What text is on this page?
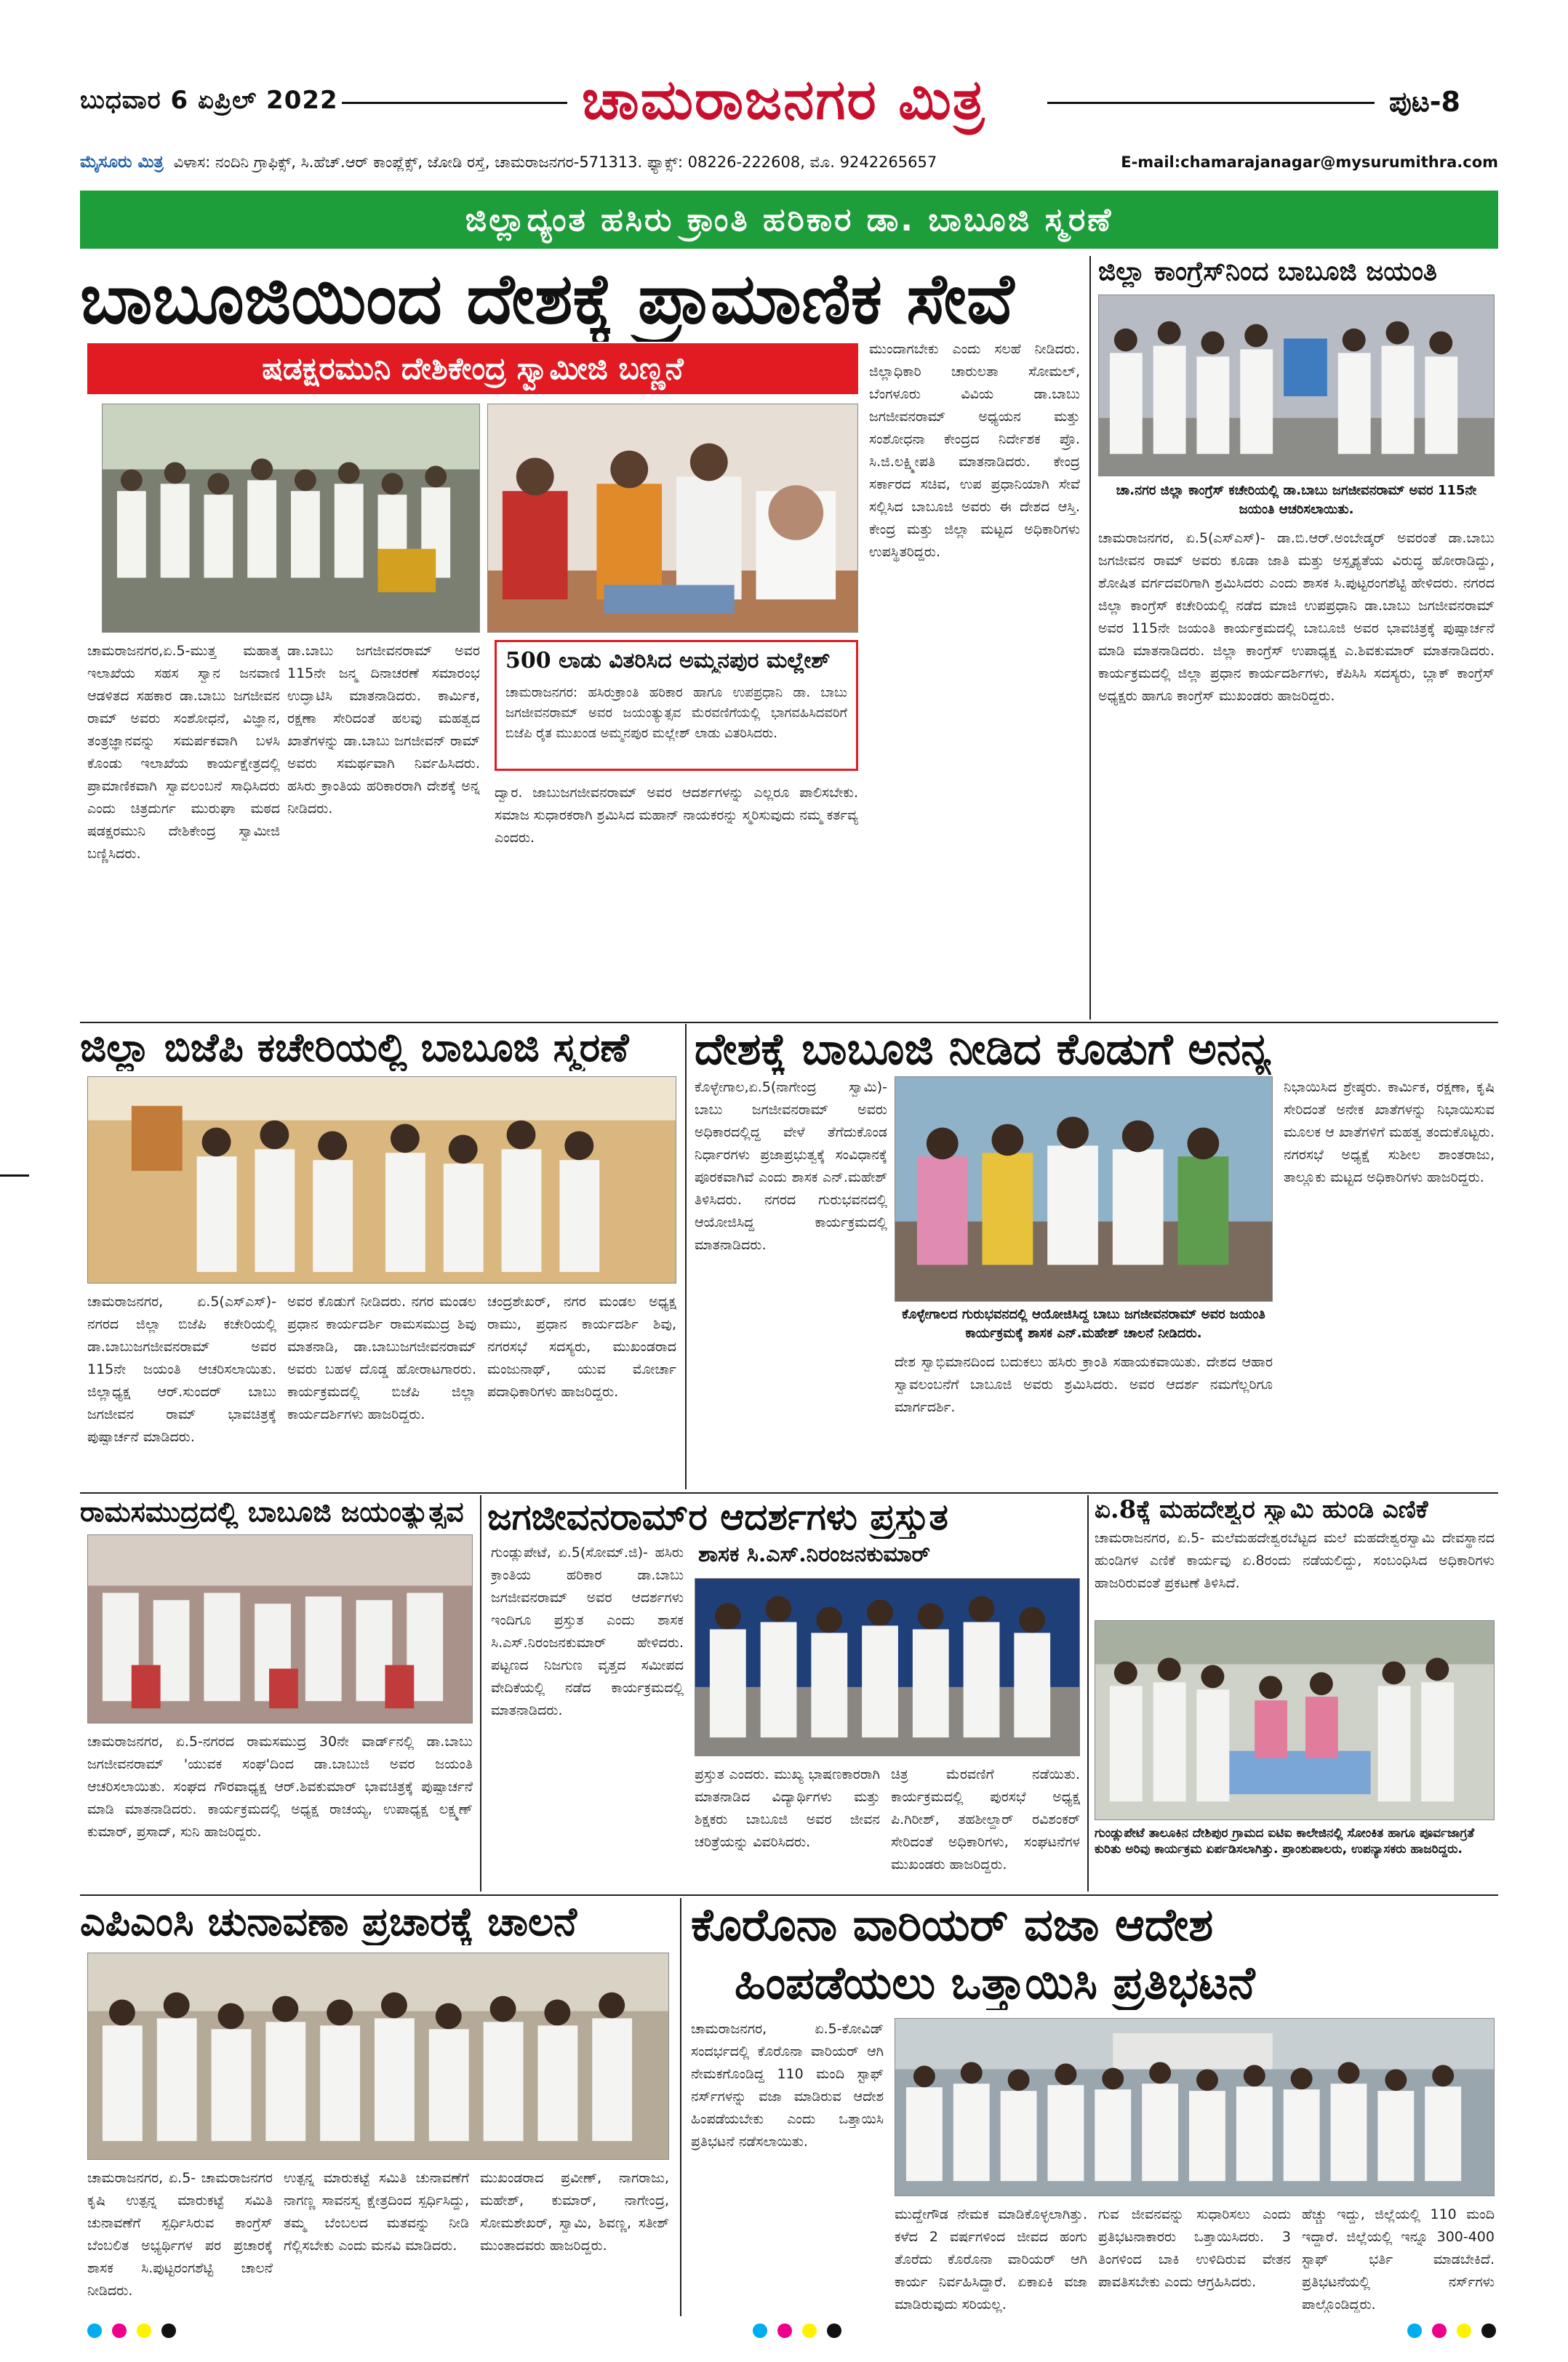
ಬುಧವಾರ 6 ಏಪ್ರಿಲ್ 2022	ಚಾಮರಾಜನಗರ ಮಿತ್ರ	ಪುಟ-8
ಮೈಸೂರು ಮಿತ್ರ ವಿಳಾಸ: ನಂದಿನಿ ಗ್ರಾಫಿಕ್ಸ್, ಸಿ.ಹೆಚ್.ಆರ್ ಕಾಂಪ್ಲೆಕ್ಸ್, ಜೋಡಿ ರಸ್ತೆ, ಚಾಮರಾಜನಗರ-571313. ಫ್ಯಾಕ್ಸ್: 08226-222608, ಮೊ. 9242265657	E-mail:chamarajanagar@mysurumithra.com
ಜಿಲ್ಲಾದ್ಯಂತ ಹಸಿರು ಕ್ರಾಂತಿ ಹರಿಕಾರ ಡಾ. ಬಾಬೂಜಿ ಸ್ಮರಣೆ
ಬಾಬೂಜಿಯಿಂದ ದೇಶಕ್ಕೆ ಪ್ರಾಮಾಣಿಕ ಸೇವೆ
ಷಡಕ್ಷರಮುನಿ ದೇಶಿಕೇಂದ್ರ ಸ್ವಾಮೀಜಿ ಬಣ್ಣನೆ
ಚಾಮರಾಜನಗರ,ಏ.5-ಮುತ್ತ ಮಹಾತ್ಮ ಇಲಾಖೆಯ ಸಹಸ ಸ್ವಾನ ಜನವಾಣಿ ಆಡಳಿತದ ಸಹಕಾರ ಡಾ.ಬಾಬು ಜಗಜೀವನ ರಾಮ್ ಅವರು ಸಂಶೋಧನೆ, ವಿಜ್ಞಾನ, ತಂತ್ರಜ್ಞಾನವನ್ನು ಸಮರ್ಪಕವಾಗಿ ಬಳಸಿ ಕೊಂಡು ಇಲಾಖೆಯ ಕಾರ್ಯಕ್ಷೇತ್ರದಲ್ಲಿ ಪ್ರಾಮಾಣಿಕವಾಗಿ ಸ್ವಾವಲಂಬನೆ ಸಾಧಿಸಿದರು ಎಂದು ಚಿತ್ರದುರ್ಗ ಮುರುಘಾ ಮಠದ ಷಡಕ್ಷರಮುನಿ ದೇಶಿಕೇಂದ್ರ ಸ್ವಾಮೀಜಿ ಬಣ್ಣಿಸಿದರು.
ಡಾ.ಬಾಬು ಜಗಜೀವನರಾಮ್ ಅವರ 115ನೇ ಜನ್ಮ ದಿನಾಚರಣೆ ಸಮಾರಂಭ ಉದ್ಘಾಟಿಸಿ ಮಾತನಾಡಿದರು. ಕಾರ್ಮಿಕ, ರಕ್ಷಣಾ ಸೇರಿದಂತೆ ಹಲವು ಮಹತ್ವದ ಖಾತೆಗಳನ್ನು ಡಾ.ಬಾಬು ಜಗಜೀವನ್ ರಾಮ್ ಅವರು ಸಮರ್ಥವಾಗಿ ನಿರ್ವಹಿಸಿದರು. ಹಸಿರು ಕ್ರಾಂತಿಯ ಹರಿಕಾರರಾಗಿ ದೇಶಕ್ಕೆ ಅನ್ನ ನೀಡಿದರು.
500 ಲಾಡು ವಿತರಿಸಿದ ಅಮ್ಮನಪುರ ಮಲ್ಲೇಶ್
ಚಾಮರಾಜನಗರ: ಹಸಿರುಕ್ರಾಂತಿ ಹರಿಕಾರ ಹಾಗೂ ಉಪಪ್ರಧಾನಿ ಡಾ. ಬಾಬು ಜಗಜೀವನರಾಮ್ ಅವರ ಜಯಂತ್ಯುತ್ಸವ ಮೆರವಣಿಗೆಯಲ್ಲಿ ಭಾಗವಹಿಸಿದವರಿಗೆ ಬಿಜೆಪಿ ರೈತ ಮುಖಂಡ ಅಮ್ಮನಪುರ ಮಲ್ಲೇಶ್ ಲಾಡು ವಿತರಿಸಿದರು.
ದ್ವಾರ. ಜಾಬುಜಗಜೀವನರಾಮ್ ಅವರ ಆದರ್ಶಗಳನ್ನು ಎಲ್ಲರೂ ಪಾಲಿಸಬೇಕು. ಸಮಾಜ ಸುಧಾರಕರಾಗಿ ಶ್ರಮಿಸಿದ ಮಹಾನ್ ನಾಯಕರನ್ನು ಸ್ಮರಿಸುವುದು ನಮ್ಮ ಕರ್ತವ್ಯ ಎಂದರು.
ಮುಂದಾಗಬೇಕು ಎಂದು ಸಲಹೆ ನೀಡಿದರು. ಜಿಲ್ಲಾಧಿಕಾರಿ ಚಾರುಲತಾ ಸೋಮಲ್, ಬೆಂಗಳೂರು ವಿವಿಯ ಡಾ.ಬಾಬು ಜಗಜೀವನರಾಮ್ ಅಧ್ಯಯನ ಮತ್ತು ಸಂಶೋಧನಾ ಕೇಂದ್ರದ ನಿರ್ದೇಶಕ ಪ್ರೊ. ಸಿ.ಜಿ.ಲಕ್ಷ್ಮೀಪತಿ ಮಾತನಾಡಿದರು. ಕೇಂದ್ರ ಸರ್ಕಾರದ ಸಚಿವ, ಉಪ ಪ್ರಧಾನಿಯಾಗಿ ಸೇವೆ ಸಲ್ಲಿಸಿದ ಬಾಬೂಜಿ ಅವರು ಈ ದೇಶದ ಆಸ್ತಿ. ಕೇಂದ್ರ ಮತ್ತು ಜಿಲ್ಲಾ ಮಟ್ಟದ ಅಧಿಕಾರಿಗಳು ಉಪಸ್ಥಿತರಿದ್ದರು.
ಜಿಲ್ಲಾ ಕಾಂಗ್ರೆಸ್‌ನಿಂದ ಬಾಬೂಜಿ ಜಯಂತಿ
ಚಾ.ನಗರ ಜಿಲ್ಲಾ ಕಾಂಗ್ರೆಸ್ ಕಚೇರಿಯಲ್ಲಿ ಡಾ.ಬಾಬು ಜಗಜೀವನರಾಮ್ ಅವರ 115ನೇ ಜಯಂತಿ ಆಚರಿಸಲಾಯಿತು.
ಚಾಮರಾಜನಗರ, ಏ.5(ಎಸ್‌ಎಸ್)- ಡಾ.ಬಿ.ಆರ್.ಅಂಬೇಡ್ಕರ್ ಅವರಂತೆ ಡಾ.ಬಾಬು ಜಗಜೀವನ ರಾಮ್ ಅವರು ಕೂಡಾ ಜಾತಿ ಮತ್ತು ಅಸ್ಪೃಶ್ಯತೆಯ ವಿರುದ್ಧ ಹೋರಾಡಿದ್ದು, ಶೋಷಿತ ವರ್ಗದವರಿಗಾಗಿ ಶ್ರಮಿಸಿದರು ಎಂದು ಶಾಸಕ ಸಿ.ಪುಟ್ಟರಂಗಶೆಟ್ಟಿ ಹೇಳಿದರು. ನಗರದ ಜಿಲ್ಲಾ ಕಾಂಗ್ರೆಸ್ ಕಚೇರಿಯಲ್ಲಿ ನಡೆದ ಮಾಜಿ ಉಪಪ್ರಧಾನಿ ಡಾ.ಬಾಬು ಜಗಜೀವನರಾಮ್ ಅವರ 115ನೇ ಜಯಂತಿ ಕಾರ್ಯಕ್ರಮದಲ್ಲಿ ಬಾಬೂಜಿ ಅವರ ಭಾವಚಿತ್ರಕ್ಕೆ ಪುಷ್ಪಾರ್ಚನೆ ಮಾಡಿ ಮಾತನಾಡಿದರು. ಜಿಲ್ಲಾ ಕಾಂಗ್ರೆಸ್ ಉಪಾಧ್ಯಕ್ಷ ಎ.ಶಿವಕುಮಾರ್ ಮಾತನಾಡಿದರು. ಕಾರ್ಯಕ್ರಮದಲ್ಲಿ ಜಿಲ್ಲಾ ಪ್ರಧಾನ ಕಾರ್ಯದರ್ಶಿಗಳು, ಕೆಪಿಸಿಸಿ ಸದಸ್ಯರು, ಬ್ಲಾಕ್ ಕಾಂಗ್ರೆಸ್ ಅಧ್ಯಕ್ಷರು ಹಾಗೂ ಕಾಂಗ್ರೆಸ್ ಮುಖಂಡರು ಹಾಜರಿದ್ದರು.
ಜಿಲ್ಲಾ ಬಿಜೆಪಿ ಕಚೇರಿಯಲ್ಲಿ ಬಾಬೂಜಿ ಸ್ಮರಣೆ
ಚಾಮರಾಜನಗರ, ಏ.5(ಎಸ್‌ಎಸ್)- ನಗರದ ಜಿಲ್ಲಾ ಬಿಜೆಪಿ ಕಚೇರಿಯಲ್ಲಿ ಡಾ.ಬಾಬುಜಗಜೀವನರಾಮ್ ಅವರ 115ನೇ ಜಯಂತಿ ಆಚರಿಸಲಾಯಿತು. ಜಿಲ್ಲಾಧ್ಯಕ್ಷ ಆರ್.ಸುಂದರ್ ಬಾಬು ಜಗಜೀವನ ರಾಮ್ ಭಾವಚಿತ್ರಕ್ಕೆ ಪುಷ್ಪಾರ್ಚನೆ ಮಾಡಿದರು.
ಅವರ ಕೊಡುಗೆ ನೀಡಿದರು. ನಗರ ಮಂಡಲ ಪ್ರಧಾನ ಕಾರ್ಯದರ್ಶಿ ರಾಮಸಮುದ್ರ ಶಿವು ಮಾತನಾಡಿ, ಡಾ.ಬಾಬುಜಗಜೀವನರಾಮ್ ಅವರು ಬಹಳ ದೊಡ್ಡ ಹೋರಾಟಗಾರರು. ಕಾರ್ಯಕ್ರಮದಲ್ಲಿ ಬಿಜೆಪಿ ಜಿಲ್ಲಾ ಕಾರ್ಯದರ್ಶಿಗಳು ಹಾಜರಿದ್ದರು.
ಚಂದ್ರಶೇಖರ್, ನಗರ ಮಂಡಲ ಅಧ್ಯಕ್ಷ ರಾಮು, ಪ್ರಧಾನ ಕಾರ್ಯದರ್ಶಿ ಶಿವು, ನಗರಸಭೆ ಸದಸ್ಯರು, ಮುಖಂಡರಾದ ಮಂಜುನಾಥ್, ಯುವ ಮೋರ್ಚಾ ಪದಾಧಿಕಾರಿಗಳು ಹಾಜರಿದ್ದರು.
ದೇಶಕ್ಕೆ ಬಾಬೂಜಿ ನೀಡಿದ ಕೊಡುಗೆ ಅನನ್ಯ
ಕೊಳ್ಳೇಗಾಲ,ಏ.5(ನಾಗೇಂದ್ರ ಸ್ವಾಮಿ)- ಬಾಬು ಜಗಜೀವನರಾಮ್ ಅವರು ಅಧಿಕಾರದಲ್ಲಿದ್ದ ವೇಳೆ ತೆಗೆದುಕೊಂಡ ನಿರ್ಧಾರಗಳು ಪ್ರಜಾಪ್ರಭುತ್ವಕ್ಕೆ ಸಂವಿಧಾನಕ್ಕೆ ಪೂರಕವಾಗಿವೆ ಎಂದು ಶಾಸಕ ಎನ್.ಮಹೇಶ್ ತಿಳಿಸಿದರು. ನಗರದ ಗುರುಭವನದಲ್ಲಿ ಆಯೋಜಿಸಿದ್ದ ಕಾರ್ಯಕ್ರಮದಲ್ಲಿ ಮಾತನಾಡಿದರು.
ಕೊಳ್ಳೇಗಾಲದ ಗುರುಭವನದಲ್ಲಿ ಆಯೋಜಿಸಿದ್ದ ಬಾಬು ಜಗಜೀವನರಾಮ್ ಅವರ ಜಯಂತಿ ಕಾರ್ಯಕ್ರಮಕ್ಕೆ ಶಾಸಕ ಎನ್.ಮಹೇಶ್ ಚಾಲನೆ ನೀಡಿದರು.
ದೇಶ ಸ್ವಾಭಿಮಾನದಿಂದ ಬದುಕಲು ಹಸಿರು ಕ್ರಾಂತಿ ಸಹಾಯಕವಾಯಿತು. ದೇಶದ ಆಹಾರ ಸ್ವಾವಲಂಬನೆಗೆ ಬಾಬೂಜಿ ಅವರು ಶ್ರಮಿಸಿದರು. ಅವರ ಆದರ್ಶ ನಮಗೆಲ್ಲರಿಗೂ ಮಾರ್ಗದರ್ಶಿ.
ನಿಭಾಯಿಸಿದ ಶ್ರೇಷ್ಠರು. ಕಾರ್ಮಿಕ, ರಕ್ಷಣಾ, ಕೃಷಿ ಸೇರಿದಂತೆ ಅನೇಕ ಖಾತೆಗಳನ್ನು ನಿಭಾಯಿಸುವ ಮೂಲಕ ಆ ಖಾತೆಗಳಿಗೆ ಮಹತ್ವ ತಂದುಕೊಟ್ಟರು. ನಗರಸಭೆ ಅಧ್ಯಕ್ಷೆ ಸುಶೀಲ ಶಾಂತರಾಜು, ತಾಲ್ಲೂಕು ಮಟ್ಟದ ಅಧಿಕಾರಿಗಳು ಹಾಜರಿದ್ದರು.
ರಾಮಸಮುದ್ರದಲ್ಲಿ ಬಾಬೂಜಿ ಜಯಂತ್ಯುತ್ಸವ
ಚಾಮರಾಜನಗರ, ಏ.5-ನಗರದ ರಾಮಸಮುದ್ರ 30ನೇ ವಾರ್ಡ್‌ನಲ್ಲಿ ಡಾ.ಬಾಬು ಜಗಜೀವನರಾಮ್ 'ಯುವಕ ಸಂಘ'ದಿಂದ ಡಾ.ಬಾಬುಜಿ ಅವರ ಜಯಂತಿ ಆಚರಿಸಲಾಯಿತು. ಸಂಘದ ಗೌರವಾಧ್ಯಕ್ಷ ಆರ್.ಶಿವಕುಮಾರ್ ಭಾವಚಿತ್ರಕ್ಕೆ ಪುಷ್ಪಾರ್ಚನೆ ಮಾಡಿ ಮಾತನಾಡಿದರು. ಕಾರ್ಯಕ್ರಮದಲ್ಲಿ ಅಧ್ಯಕ್ಷ ರಾಚಯ್ಯ, ಉಪಾಧ್ಯಕ್ಷ ಲಕ್ಷ್ಮಣ್ ಕುಮಾರ್, ಪ್ರಸಾದ್, ಸುನಿ ಹಾಜರಿದ್ದರು.
ಜಗಜೀವನರಾಮ್‌ರ ಆದರ್ಶಗಳು ಪ್ರಸ್ತುತ
ಶಾಸಕ ಸಿ.ಎಸ್.ನಿರಂಜನಕುಮಾರ್
ಗುಂಡ್ಲುಪೇಟೆ, ಏ.5(ಸೋಮ್.ಜಿ)- ಹಸಿರು ಕ್ರಾಂತಿಯ ಹರಿಕಾರ ಡಾ.ಬಾಬು ಜಗಜೀವನರಾಮ್ ಅವರ ಆದರ್ಶಗಳು ಇಂದಿಗೂ ಪ್ರಸ್ತುತ ಎಂದು ಶಾಸಕ ಸಿ.ಎಸ್.ನಿರಂಜನಕುಮಾರ್ ಹೇಳಿದರು. ಪಟ್ಟಣದ ನಿಜಗುಣ ವೃತ್ತದ ಸಮೀಪದ ವೇದಿಕೆಯಲ್ಲಿ ನಡೆದ ಕಾರ್ಯಕ್ರಮದಲ್ಲಿ ಮಾತನಾಡಿದರು.
ಪ್ರಸ್ತುತ ಎಂದರು. ಮುಖ್ಯ ಭಾಷಣಕಾರರಾಗಿ ಮಾತನಾಡಿದ ವಿದ್ಯಾರ್ಥಿಗಳು ಮತ್ತು ಶಿಕ್ಷಕರು ಬಾಬೂಜಿ ಅವರ ಜೀವನ ಚರಿತ್ರೆಯನ್ನು ವಿವರಿಸಿದರು.
ಚಿತ್ರ ಮೆರವಣಿಗೆ ನಡೆಯಿತು. ಕಾರ್ಯಕ್ರಮದಲ್ಲಿ ಪುರಸಭೆ ಅಧ್ಯಕ್ಷ ಪಿ.ಗಿರೀಶ್, ತಹಶೀಲ್ದಾರ್ ರವಿಶಂಕರ್ ಸೇರಿದಂತೆ ಅಧಿಕಾರಿಗಳು, ಸಂಘಟನೆಗಳ ಮುಖಂಡರು ಹಾಜರಿದ್ದರು.
ಏ.8ಕ್ಕೆ ಮಹದೇಶ್ವರ ಸ್ವಾಮಿ ಹುಂಡಿ ಎಣಿಕೆ
ಚಾಮರಾಜನಗರ, ಏ.5- ಮಲೆಮಹದೇಶ್ವರಬೆಟ್ಟದ ಮಲೆ ಮಹದೇಶ್ವರಸ್ವಾಮಿ ದೇವಸ್ಥಾನದ ಹುಂಡಿಗಳ ಎಣಿಕೆ ಕಾರ್ಯವು ಏ.8ರಂದು ನಡೆಯಲಿದ್ದು, ಸಂಬಂಧಿಸಿದ ಅಧಿಕಾರಿಗಳು ಹಾಜರಿರುವಂತೆ ಪ್ರಕಟಣೆ ತಿಳಿಸಿದೆ.
ಗುಂಡ್ಲುಪೇಟೆ ತಾಲೂಕಿನ ದೇಶಿಪುರ ಗ್ರಾಮದ ಐಟಿಐ ಕಾಲೇಜಿನಲ್ಲಿ ಸೋಂಕಿತ ಹಾಗೂ ಪೂರ್ವಜಾಗ್ರತೆ ಕುರಿತು ಅರಿವು ಕಾರ್ಯಕ್ರಮ ಏರ್ಪಡಿಸಲಾಗಿತ್ತು. ಪ್ರಾಂಶುಪಾಲರು, ಉಪನ್ಯಾಸಕರು ಹಾಜರಿದ್ದರು.
ಎಪಿಎಂಸಿ ಚುನಾವಣಾ ಪ್ರಚಾರಕ್ಕೆ ಚಾಲನೆ
ಚಾಮರಾಜನಗರ, ಏ.5- ಚಾಮರಾಜನಗರ ಕೃಷಿ ಉತ್ಪನ್ನ ಮಾರುಕಟ್ಟೆ ಸಮಿತಿ ಚುನಾವಣೆಗೆ ಸ್ಪರ್ಧಿಸಿರುವ ಕಾಂಗ್ರೆಸ್ ಬೆಂಬಲಿತ ಅಭ್ಯರ್ಥಿಗಳ ಪರ ಪ್ರಚಾರಕ್ಕೆ ಶಾಸಕ ಸಿ.ಪುಟ್ಟರಂಗಶೆಟ್ಟಿ ಚಾಲನೆ ನೀಡಿದರು.
ಉತ್ಪನ್ನ ಮಾರುಕಟ್ಟೆ ಸಮಿತಿ ಚುನಾವಣೆಗೆ ನಾಗಣ್ಣ ಸಾವನಸ್ವ ಕ್ಷೇತ್ರದಿಂದ ಸ್ಪರ್ಧಿಸಿದ್ದು, ತಮ್ಮ ಬೆಂಬಲದ ಮತವನ್ನು ನೀಡಿ ಗೆಲ್ಲಿಸಬೇಕು ಎಂದು ಮನವಿ ಮಾಡಿದರು.
ಮುಖಂಡರಾದ ಪ್ರವೀಣ್, ನಾಗರಾಜು, ಮಹೇಶ್, ಕುಮಾರ್, ನಾಗೇಂದ್ರ, ಸೋಮಶೇಖರ್, ಸ್ವಾಮಿ, ಶಿವಣ್ಣ, ಸತೀಶ್ ಮುಂತಾದವರು ಹಾಜರಿದ್ದರು.
ಕೊರೊನಾ ವಾರಿಯರ್ ವಜಾ ಆದೇಶ
ಹಿಂಪಡೆಯಲು ಒತ್ತಾಯಿಸಿ ಪ್ರತಿಭಟನೆ
ಚಾಮರಾಜನಗರ, ಏ.5-ಕೋವಿಡ್ ಸಂದರ್ಭದಲ್ಲಿ ಕೊರೊನಾ ವಾರಿಯರ್ ಆಗಿ ನೇಮಕಗೊಂಡಿದ್ದ 110 ಮಂದಿ ಸ್ಟಾಫ್ ನರ್ಸ್‌ಗಳನ್ನು ವಜಾ ಮಾಡಿರುವ ಆದೇಶ ಹಿಂಪಡೆಯಬೇಕು ಎಂದು ಒತ್ತಾಯಿಸಿ ಪ್ರತಿಭಟನೆ ನಡೆಸಲಾಯಿತು.
ಮುದ್ದೇಗೌಡ ನೇಮಕ ಮಾಡಿಕೊಳ್ಳಲಾಗಿತ್ತು. ಕಳೆದ 2 ವರ್ಷಗಳಿಂದ ಜೀವದ ಹಂಗು ತೊರೆದು ಕೊರೊನಾ ವಾರಿಯರ್ ಆಗಿ ಕಾರ್ಯ ನಿರ್ವಹಿಸಿದ್ದಾರೆ. ಏಕಾಏಕಿ ವಜಾ ಮಾಡಿರುವುದು ಸರಿಯಲ್ಲ.
ಗುವ ಜೀವನವನ್ನು ಸುಧಾರಿಸಲು ಎಂದು ಪ್ರತಿಭಟನಾಕಾರರು ಒತ್ತಾಯಿಸಿದರು. 3 ತಿಂಗಳಿಂದ ಬಾಕಿ ಉಳಿದಿರುವ ವೇತನ ಪಾವತಿಸಬೇಕು ಎಂದು ಆಗ್ರಹಿಸಿದರು.
ಹೆಚ್ಚು ಇದ್ದು, ಜಿಲ್ಲೆಯಲ್ಲಿ 110 ಮಂದಿ ಇದ್ದಾರೆ. ಜಿಲ್ಲೆಯಲ್ಲಿ ಇನ್ನೂ 300-400 ಸ್ಟಾಫ್ ಭರ್ತಿ ಮಾಡಬೇಕಿದೆ. ಪ್ರತಿಭಟನೆಯಲ್ಲಿ ನರ್ಸ್‌ಗಳು ಪಾಲ್ಗೊಂಡಿದ್ದರು.
